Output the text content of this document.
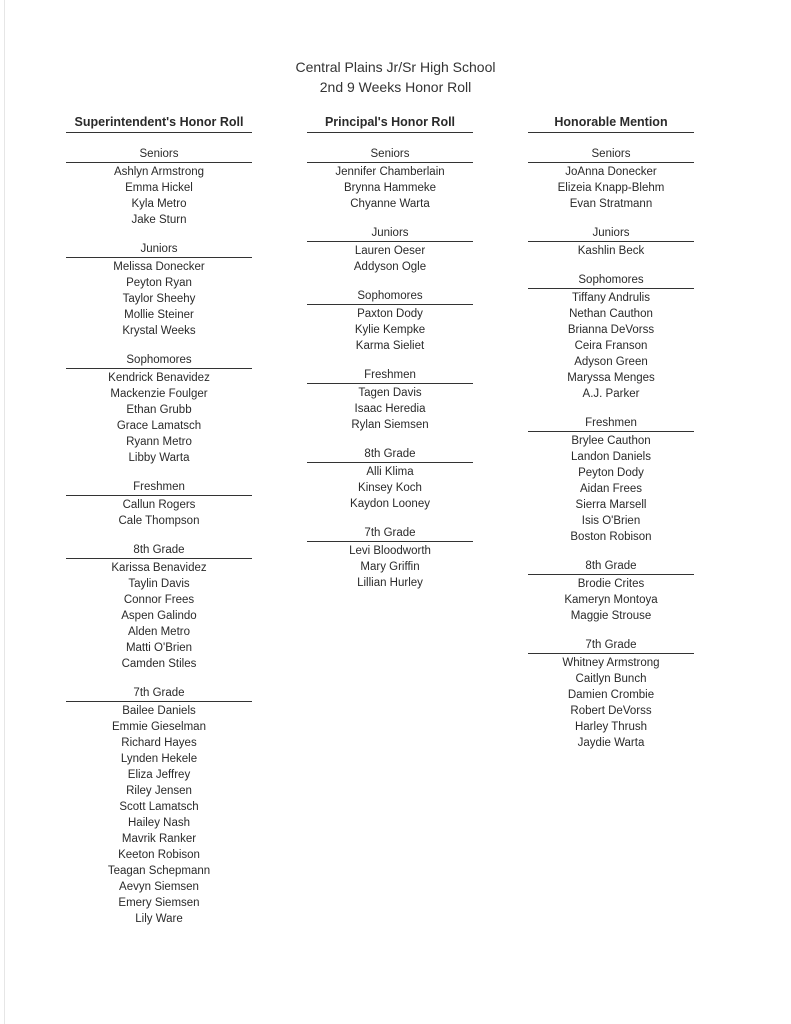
Central Plains Jr/Sr High School
2nd 9 Weeks Honor Roll
Superintendent's Honor Roll
Seniors
Ashlyn Armstrong
Emma Hickel
Kyla Metro
Jake Sturn
Juniors
Melissa Donecker
Peyton Ryan
Taylor Sheehy
Mollie Steiner
Krystal Weeks
Sophomores
Kendrick Benavidez
Mackenzie Foulger
Ethan Grubb
Grace Lamatsch
Ryann Metro
Libby Warta
Freshmen
Callun Rogers
Cale Thompson
8th Grade
Karissa Benavidez
Taylin Davis
Connor Frees
Aspen Galindo
Alden Metro
Matti O'Brien
Camden Stiles
7th Grade
Bailee Daniels
Emmie Gieselman
Richard Hayes
Lynden Hekele
Eliza Jeffrey
Riley Jensen
Scott Lamatsch
Hailey Nash
Mavrik Ranker
Keeton Robison
Teagan Schepmann
Aevyn Siemsen
Emery Siemsen
Lily Ware
Principal's Honor Roll
Seniors
Jennifer Chamberlain
Brynna Hammeke
Chyanne Warta
Juniors
Lauren Oeser
Addyson Ogle
Sophomores
Paxton Dody
Kylie Kempke
Karma Sieliet
Freshmen
Tagen Davis
Isaac Heredia
Rylan Siemsen
8th Grade
Alli Klima
Kinsey Koch
Kaydon Looney
7th Grade
Levi Bloodworth
Mary Griffin
Lillian Hurley
Honorable Mention
Seniors
JoAnna Donecker
Elizeia Knapp-Blehm
Evan Stratmann
Juniors
Kashlin Beck
Sophomores
Tiffany Andrulis
Nethan Cauthon
Brianna DeVorss
Ceira Franson
Adyson Green
Maryssa Menges
A.J. Parker
Freshmen
Brylee Cauthon
Landon Daniels
Peyton Dody
Aidan Frees
Sierra Marsell
Isis O'Brien
Boston Robison
8th Grade
Brodie Crites
Kameryn Montoya
Maggie Strouse
7th Grade
Whitney Armstrong
Caitlyn Bunch
Damien Crombie
Robert DeVorss
Harley Thrush
Jaydie Warta
